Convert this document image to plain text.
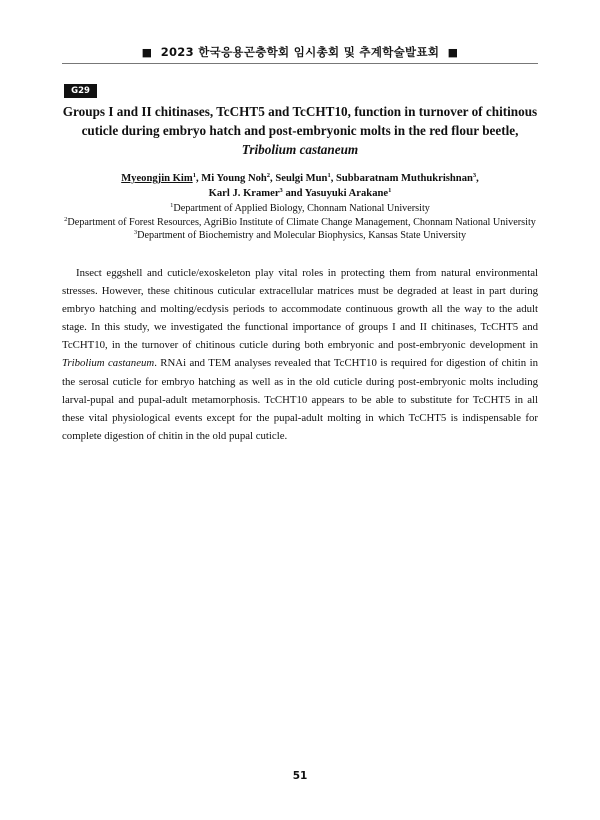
■ 2023 한국응용곤충학회 임시총회 및 추계학술발표회 ■
G29
Groups I and II chitinases, TcCHT5 and TcCHT10, function in turnover of chitinous
cuticle during embryo hatch and post-embryonic molts in the red flour beetle,
Tribolium castaneum
Myeongjin Kim$^1$, Mi Young Noh$^2$, Seulgi Mun$^1$, Subbaratnam Muthukrishnan$^3$,
Karl J. Kramer$^3$ and Yasuyuki Arakane$^1$
$^1$Department of Applied Biology, Chonnam National University
$^2$Department of Forest Resources, AgriBio Institute of Climate Change Management, Chonnam National University
$^3$Department of Biochemistry and Molecular Biophysics, Kansas State University
Insect eggshell and cuticle/exoskeleton play vital roles in protecting them from natural environmental stresses. However, these chitinous cuticular extracellular matrices must be degraded at least in part during embryo hatching and molting/ecdysis periods to accommodate continuous growth all the way to the adult stage. In this study, we investigated the functional importance of groups I and II chitinases, TcCHT5 and TcCHT10, in the turnover of chitinous cuticle during both embryonic and post-embryonic development in Tribolium castaneum. RNAi and TEM analyses revealed that TcCHT10 is required for digestion of chitin in the serosal cuticle for embryo hatching as well as in the old cuticle during post-embryonic molts including larval-pupal and pupal-adult metamorphosis. TcCHT10 appears to be able to substitute for TcCHT5 in all these vital physiological events except for the pupal-adult molting in which TcCHT5 is indispensable for complete digestion of chitin in the old pupal cuticle.
51
